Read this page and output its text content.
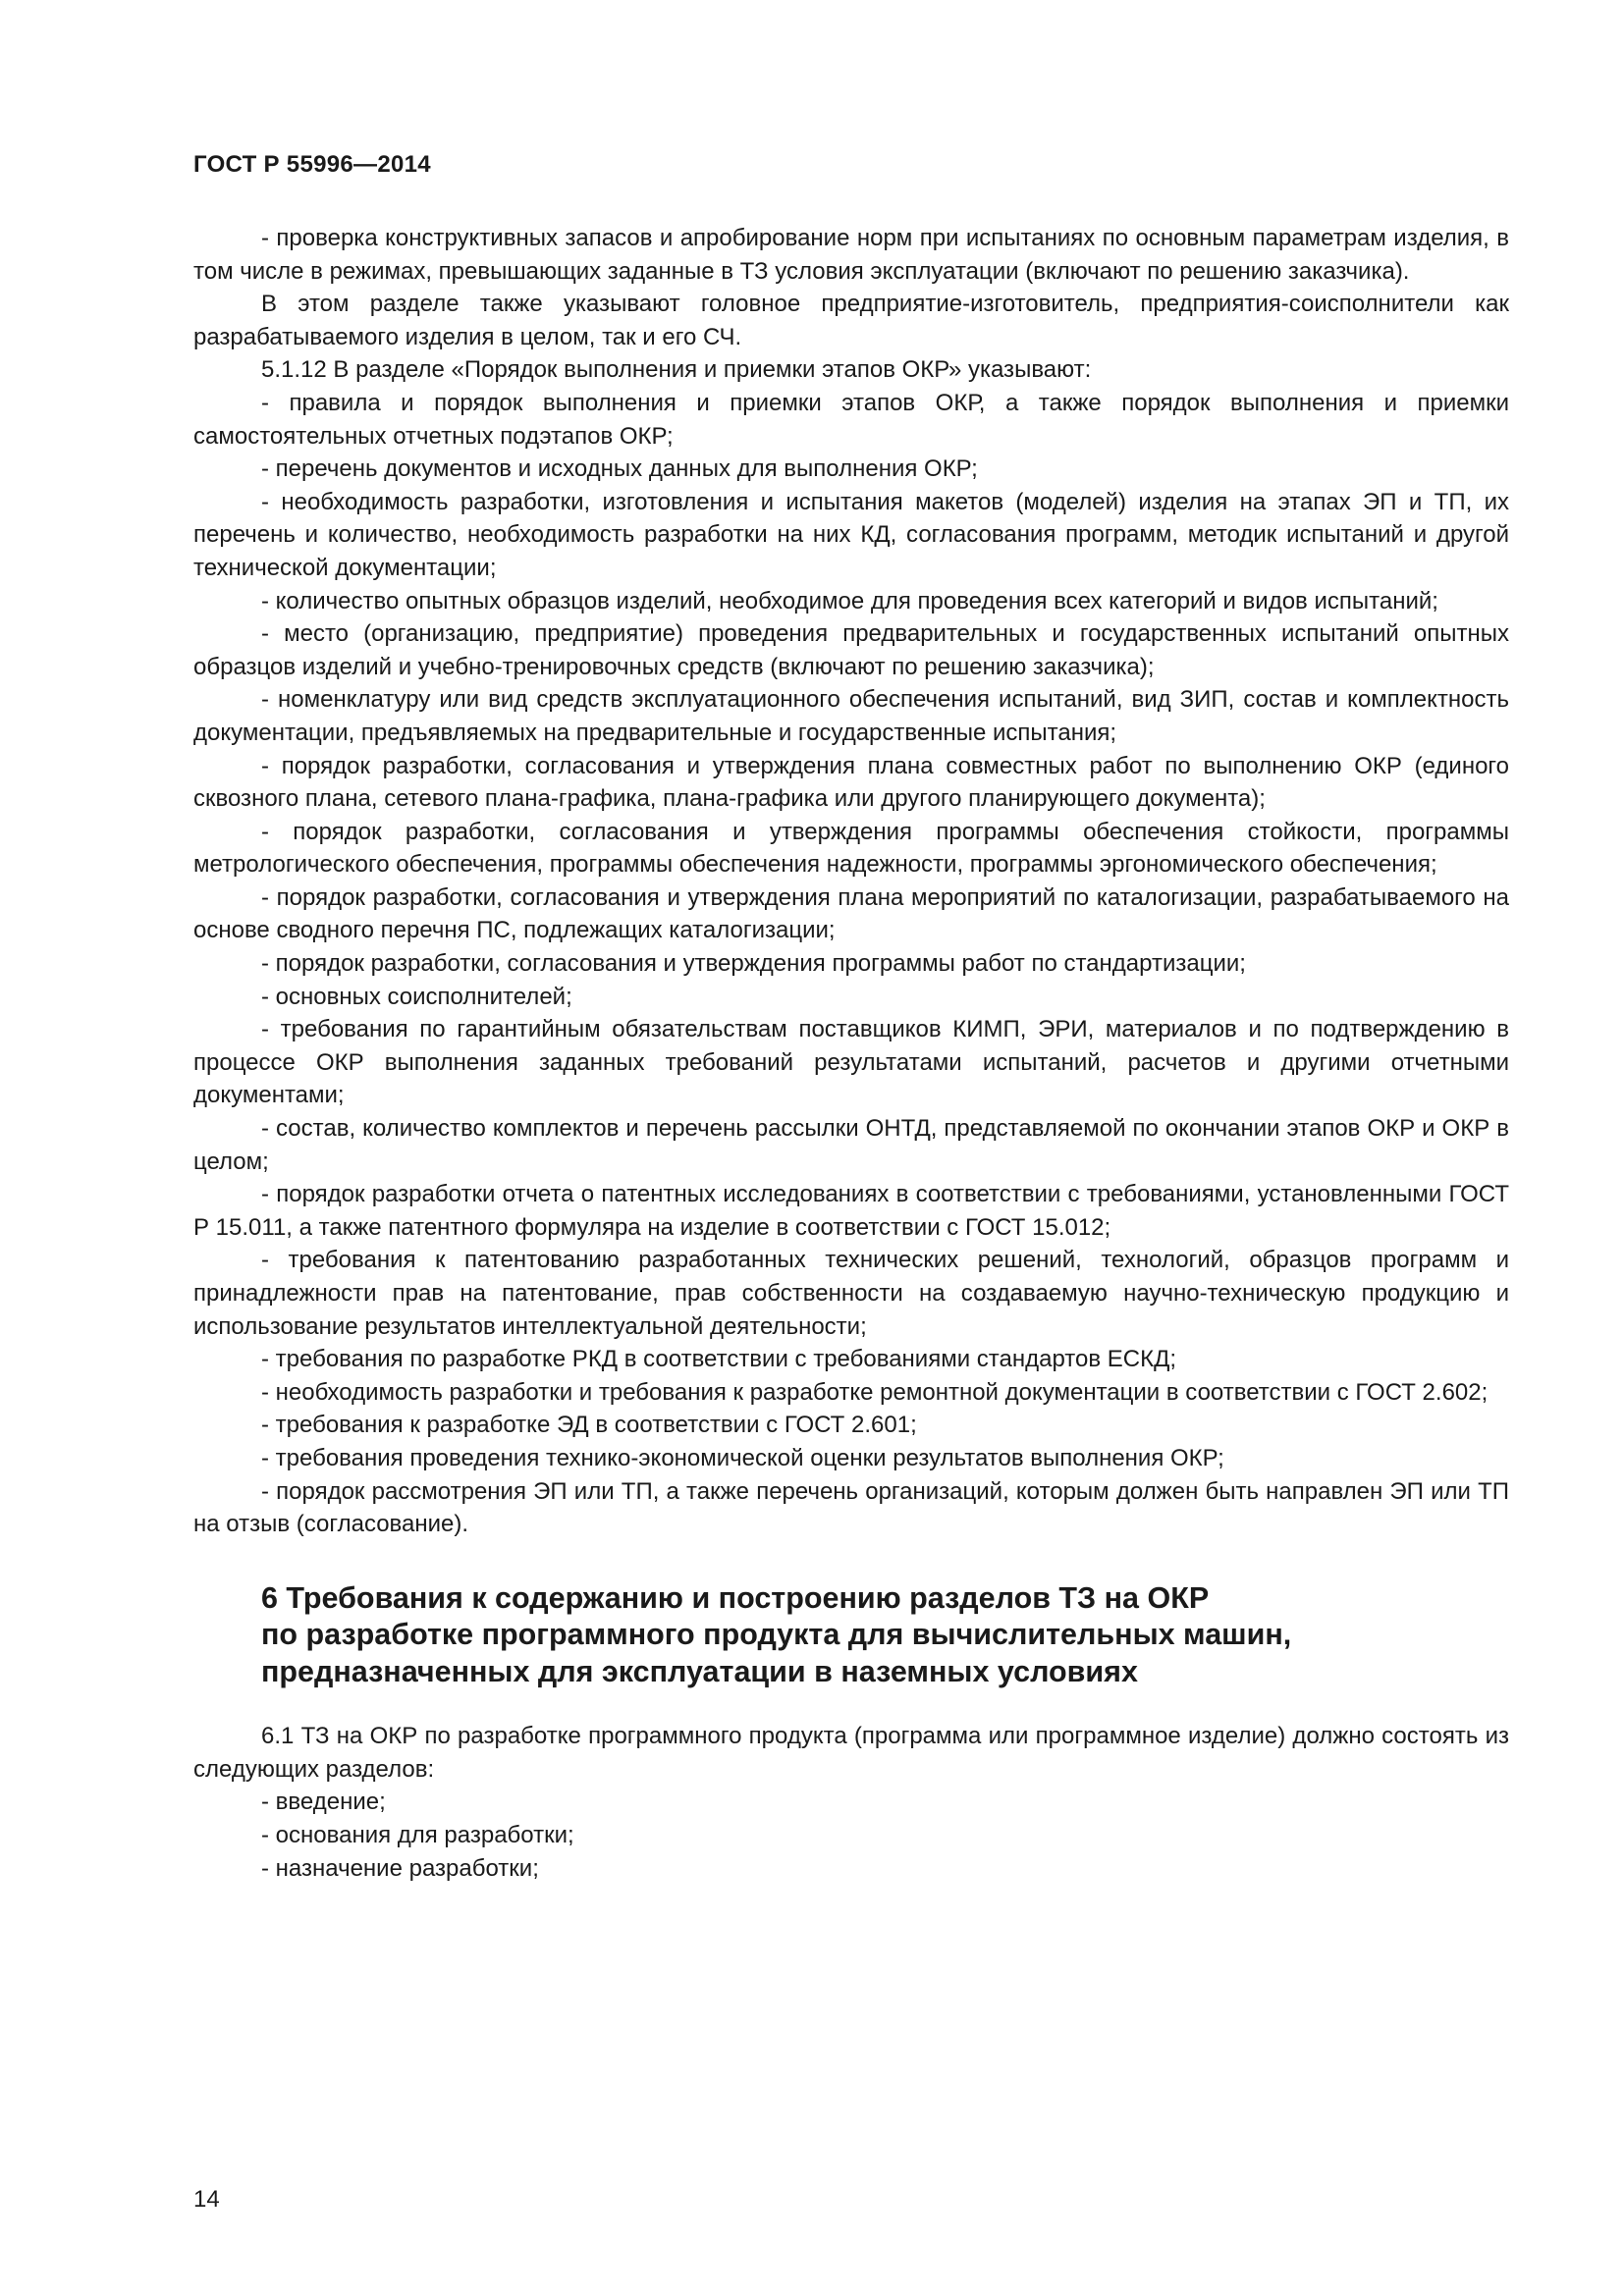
ГОСТ Р 55996—2014

- проверка конструктивных запасов и апробирование норм при испытаниях по основным параметрам изделия, в том числе в режимах, превышающих заданные в ТЗ условия эксплуатации (включают по решению заказчика).

В этом разделе также указывают головное предприятие-изготовитель, предприятия-соисполнители как разрабатываемого изделия в целом, так и его СЧ.

5.1.12 В разделе «Порядок выполнения и приемки этапов ОКР» указывают:

- правила и порядок выполнения и приемки этапов ОКР, а также порядок выполнения и приемки самостоятельных отчетных подэтапов ОКР;

- перечень документов и исходных данных для выполнения ОКР;

- необходимость разработки, изготовления и испытания макетов (моделей) изделия на этапах ЭП и ТП, их перечень и количество, необходимость разработки на них КД, согласования программ, методик испытаний и другой технической документации;

- количество опытных образцов изделий, необходимое для проведения всех категорий и видов испытаний;

- место (организацию, предприятие) проведения предварительных и государственных испытаний опытных образцов изделий и учебно-тренировочных средств (включают по решению заказчика);

- номенклатуру или вид средств эксплуатационного обеспечения испытаний, вид ЗИП, состав и комплектность документации, предъявляемых на предварительные и государственные испытания;

- порядок разработки, согласования и утверждения плана совместных работ по выполнению ОКР (единого сквозного плана, сетевого плана-графика, плана-графика или другого планирующего документа);

- порядок разработки, согласования и утверждения программы обеспечения стойкости, программы метрологического обеспечения, программы обеспечения надежности, программы эргономического обеспечения;

- порядок разработки, согласования и утверждения плана мероприятий по каталогизации, разрабатываемого на основе сводного перечня ПС, подлежащих каталогизации;

- порядок разработки, согласования и утверждения программы работ по стандартизации;

- основных соисполнителей;

- требования по гарантийным обязательствам поставщиков КИМП, ЭРИ, материалов и по подтверждению в процессе ОКР выполнения заданных требований результатами испытаний, расчетов и другими отчетными документами;

- состав, количество комплектов и перечень рассылки ОНТД, представляемой по окончании этапов ОКР и ОКР в целом;

- порядок разработки отчета о патентных исследованиях в соответствии с требованиями, установленными ГОСТ Р 15.011, а также патентного формуляра на изделие в соответствии с ГОСТ 15.012;

- требования к патентованию разработанных технических решений, технологий, образцов программ и принадлежности прав на патентование, прав собственности на создаваемую научно-техническую продукцию и использование результатов интеллектуальной деятельности;

- требования по разработке РКД в соответствии с требованиями стандартов ЕСКД;

- необходимость разработки и требования к разработке ремонтной документации в соответствии с ГОСТ 2.602;

- требования к разработке ЭД в соответствии с ГОСТ 2.601;

- требования проведения технико-экономической оценки результатов выполнения ОКР;

- порядок рассмотрения ЭП или ТП, а также перечень организаций, которым должен быть направлен ЭП или ТП на отзыв (согласование).

6 Требования к содержанию и построению разделов ТЗ на ОКР
по разработке программного продукта для вычислительных машин,
предназначенных для эксплуатации в наземных условиях

6.1 ТЗ на ОКР по разработке программного продукта (программа или программное изделие) должно состоять из следующих разделов:

- введение;

- основания для разработки;

- назначение разработки;

14
